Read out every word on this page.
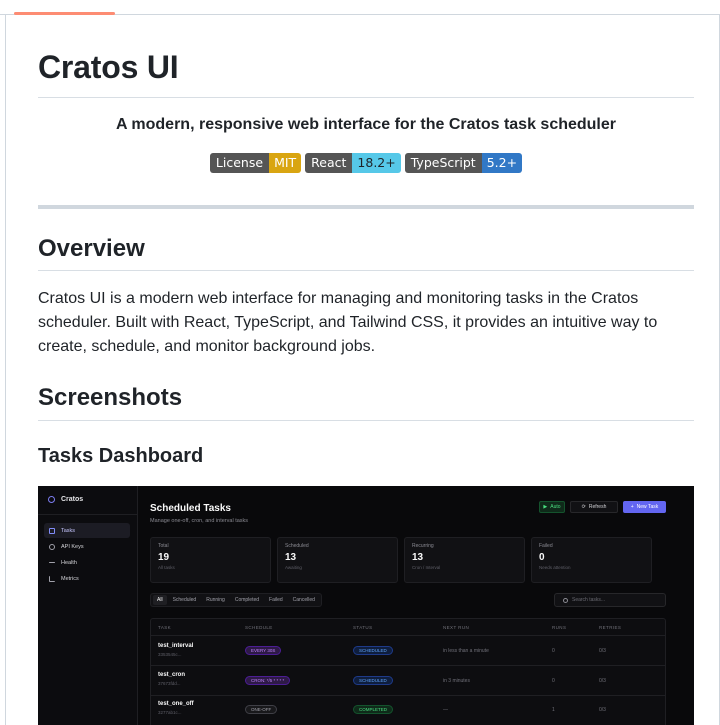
Cratos UI
A modern, responsive web interface for the Cratos task scheduler
License MIT	React 18.2+	TypeScript 5.2+
Overview

Cratos UI is a modern web interface for managing and monitoring tasks in the Cratos scheduler. Built with React, TypeScript, and Tailwind CSS, it provides an intuitive way to create, schedule, and monitor background jobs.

Screenshots
Tasks Dashboard
Cratos
Tasks
API Keys
Health
Metrics
Scheduled Tasks
Manage one-off, cron, and interval tasks
▶ Auto	⟳ Refresh	+ New Task
Total
19
All tasks
Scheduled
13
Awaiting
Recurring
13
Cron / Interval
Failed
0
Needs attention
All	Scheduled	Running	Completed	Failed	Cancelled	Search tasks...
TASK	SCHEDULE	STATUS	NEXT RUN	RUNS	RETRIES
test_interval
3353545c...
EVERY 30S	SCHEDULED	in less than a minute	0	0/3
test_cron
37673fdd...
CRON: */5 * * * *	SCHEDULED	in 3 minutes	0	0/3
test_one_off
3277ab1c...
ONE-OFF	COMPLETED	—	1	0/3
